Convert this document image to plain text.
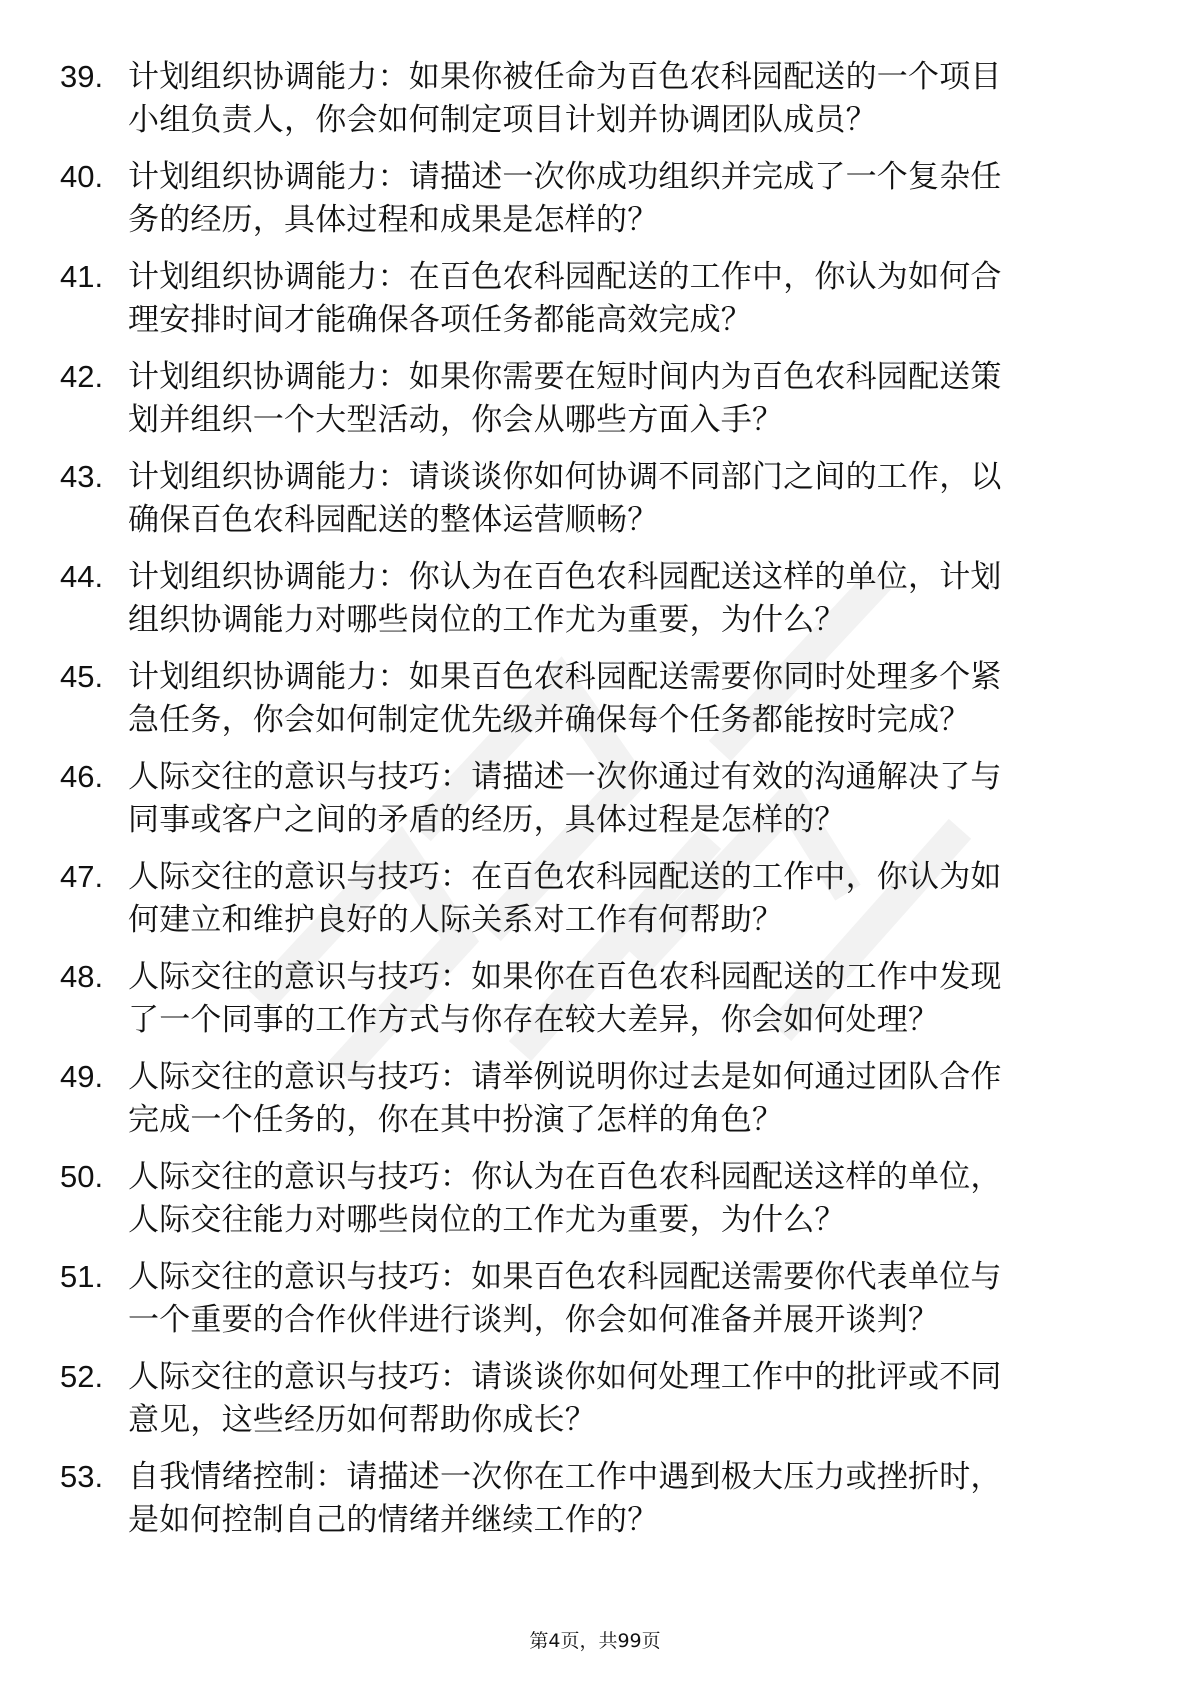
39. 计划组织协调能力：如果你被任命为百色农科园配送的一个项目
小组负责人，你会如何制定项目计划并协调团队成员？
40. 计划组织协调能力：请描述一次你成功组织并完成了一个复杂任
务的经历，具体过程和成果是怎样的？
41. 计划组织协调能力：在百色农科园配送的工作中，你认为如何合
理安排时间才能确保各项任务都能高效完成？
42. 计划组织协调能力：如果你需要在短时间内为百色农科园配送策
划并组织一个大型活动，你会从哪些方面入手？
43. 计划组织协调能力：请谈谈你如何协调不同部门之间的工作，以
确保百色农科园配送的整体运营顺畅？
44. 计划组织协调能力：你认为在百色农科园配送这样的单位，计划
组织协调能力对哪些岗位的工作尤为重要，为什么？
45. 计划组织协调能力：如果百色农科园配送需要你同时处理多个紧
急任务，你会如何制定优先级并确保每个任务都能按时完成？
46. 人际交往的意识与技巧：请描述一次你通过有效的沟通解决了与
同事或客户之间的矛盾的经历，具体过程是怎样的？
47. 人际交往的意识与技巧：在百色农科园配送的工作中，你认为如
何建立和维护良好的人际关系对工作有何帮助？
48. 人际交往的意识与技巧：如果你在百色农科园配送的工作中发现
了一个同事的工作方式与你存在较大差异，你会如何处理？
49. 人际交往的意识与技巧：请举例说明你过去是如何通过团队合作
完成一个任务的，你在其中扮演了怎样的角色？
50. 人际交往的意识与技巧：你认为在百色农科园配送这样的单位，
人际交往能力对哪些岗位的工作尤为重要，为什么？
51. 人际交往的意识与技巧：如果百色农科园配送需要你代表单位与
一个重要的合作伙伴进行谈判，你会如何准备并展开谈判？
52. 人际交往的意识与技巧：请谈谈你如何处理工作中的批评或不同
意见，这些经历如何帮助你成长？
53. 自我情绪控制：请描述一次你在工作中遇到极大压力或挫折时，
是如何控制自己的情绪并继续工作的？
第4页，共99页
